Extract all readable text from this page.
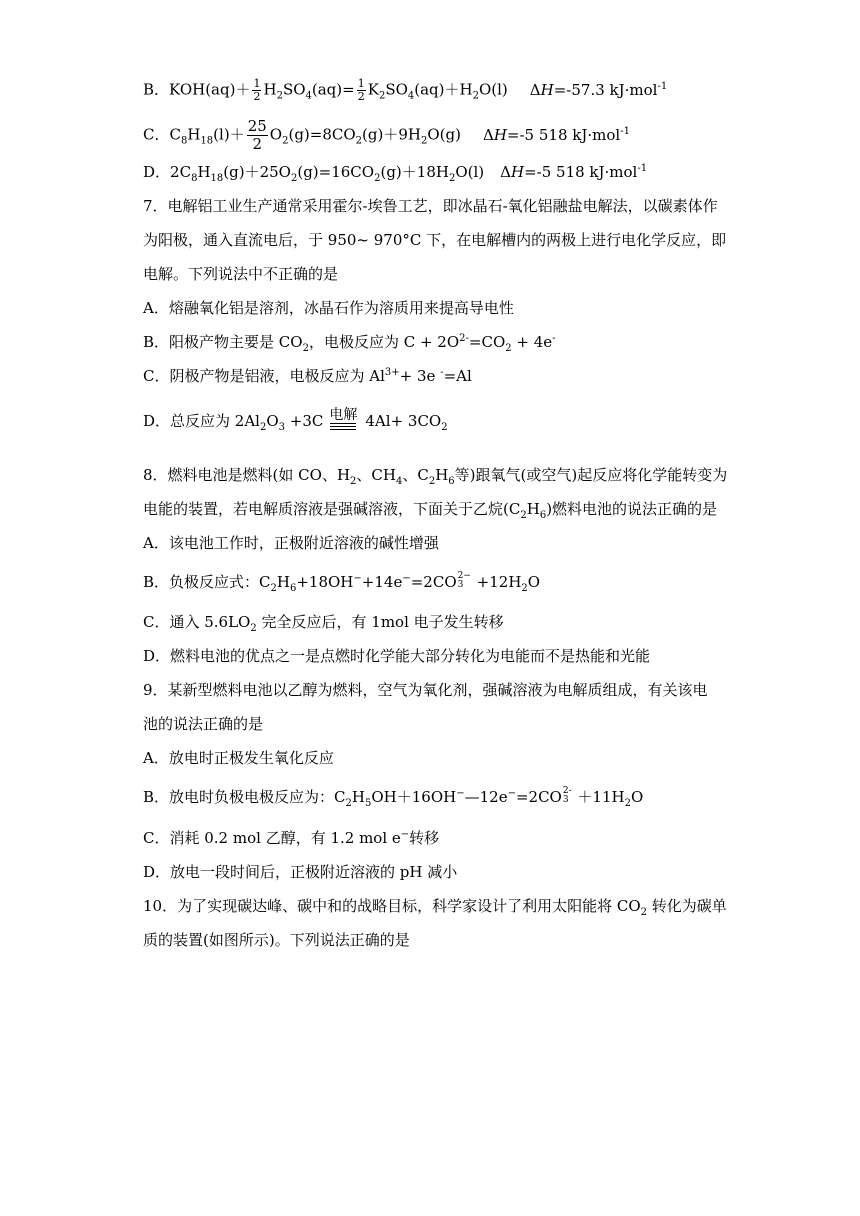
B．$KOH(aq)+ \frac{1}{2} H_2SO_4(aq)= \frac{1}{2} K_2SO_4(aq)+H_2O(l)$ ΔH=-57.3 kJ·mol$^{-1}$
C．$C_8H_{18}(l)+ \frac{25}{2} O_2(g)=8CO_2(g)+9H_2O(g)$ ΔH=-5 518 kJ·mol$^{-1}$
D．$2C_8H_{18}(g)+25O_2(g)=16CO_2(g)+18H_2O(l)$ ΔH=-5 518 kJ·mol$^{-1}$
7．电解铝工业生产通常采用霍尔-埃鲁工艺，即冰晶石-氧化铝融盐电解法，以碳素体作
为阳极，通入直流电后，于 950~ 970°C 下，在电解槽内的两极上进行电化学反应，即
电解。下列说法中不正确的是
A．熔融氧化铝是溶剂，冰晶石作为溶质用来提高导电性
B．阳极产物主要是 $CO_2$，电极反应为 $C + 2O^{2-}=CO_2 + 4e^-$
C．阴极产物是铝液，电极反应为 $Al^{3+}+ 3e$ -=Al
D．总反应为 $2Al_2O_3 +3C$ 电解 $4Al+ 3CO_2$
8．燃料电池是燃料(如 CO、$H_2$、$CH_4$、$C_2H_6$等)跟氧气(或空气)起反应将化学能转变为
电能的装置，若电解质溶液是强碱溶液，下面关于乙烷$(C_2H_6)$燃料电池的说法正确的是
A．该电池工作时，正极附近溶液的碱性增强
B．负极反应式：$C_2H_6+18OH^-+14e^-=2CO$ 2−
$3 +12H_2O$
C．通入 $5.6LO_2$ 完全反应后，有 1mol 电子发生转移
D．燃料电池的优点之一是点燃时化学能大部分转化为电能而不是热能和光能
9．某新型燃料电池以乙醇为燃料，空气为氧化剂，强碱溶液为电解质组成，有关该电
池的说法正确的是
A．放电时正极发生氧化反应
B．放电时负极电极反应为：$C_2H_5OH+16OH^-—12e^-=2CO$ 2-
$3 +11H_2O$
C．消耗 0.2 mol 乙醇，有 1.2 mol e−转移
D．放电一段时间后，正极附近溶液的 pH 减小
10．为了实现碳达峰、碳中和的战略目标，科学家设计了利用太阳能将 $CO_2$ 转化为碳单
质的装置(如图所示)。下列说法正确的是
